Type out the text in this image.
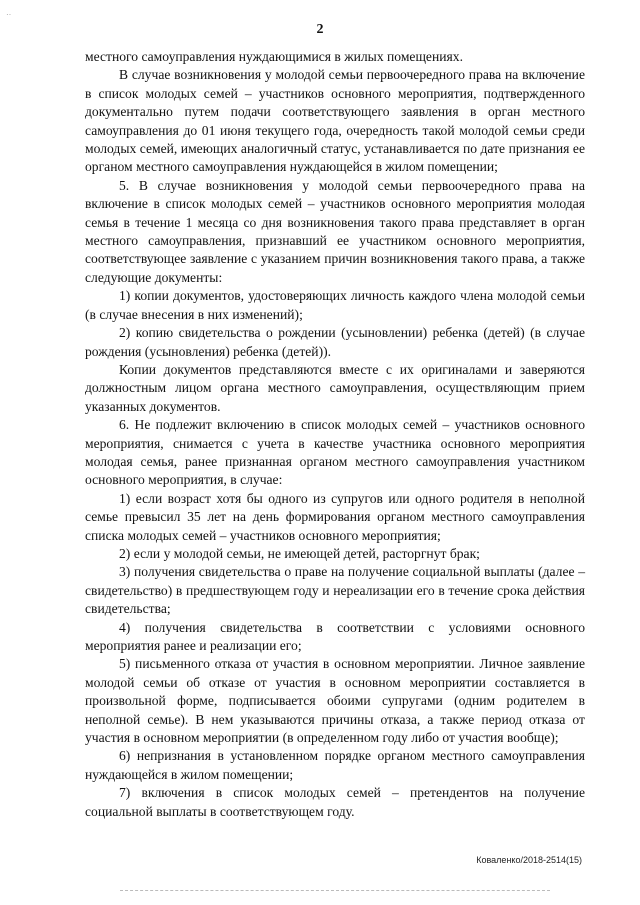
··
2

местного самоуправления нуждающимися в жилых помещениях.

В случае возникновения у молодой семьи первоочередного права на включение в список молодых семей – участников основного мероприятия, подтвержденного документально путем подачи соответствующего заявления в орган местного самоуправления до 01 июня текущего года, очередность такой молодой семьи среди молодых семей, имеющих аналогичный статус, устанавливается по дате признания ее органом местного самоуправления нуждающейся в жилом помещении;

5. В случае возникновения у молодой семьи первоочередного права на включение в список молодых семей – участников основного мероприятия молодая семья в течение 1 месяца со дня возникновения такого права представляет в орган местного самоуправления, признавший ее участником основного мероприятия, соответствующее заявление с указанием причин возникновения такого права, а также следующие документы:

1) копии документов, удостоверяющих личность каждого члена молодой семьи (в случае внесения в них изменений);

2) копию свидетельства о рождении (усыновлении) ребенка (детей) (в случае рождения (усыновления) ребенка (детей)).

Копии документов представляются вместе с их оригиналами и заверяются должностным лицом органа местного самоуправления, осуществляющим прием указанных документов.

6. Не подлежит включению в список молодых семей – участников основного мероприятия, снимается с учета в качестве участника основного мероприятия молодая семья, ранее признанная органом местного самоуправления участником основного мероприятия, в случае:

1) если возраст хотя бы одного из супругов или одного родителя в неполной семье превысил 35 лет на день формирования органом местного самоуправления списка молодых семей – участников основного мероприятия;

2) если у молодой семьи, не имеющей детей, расторгнут брак;

3) получения свидетельства о праве на получение социальной выплаты (далее – свидетельство) в предшествующем году и нереализации его в течение срока действия свидетельства;

4) получения свидетельства в соответствии с условиями основного мероприятия ранее и реализации его;

5) письменного отказа от участия в основном мероприятии. Личное заявление молодой семьи об отказе от участия в основном мероприятии составляется в произвольной форме, подписывается обоими супругами (одним родителем в неполной семье). В нем указываются причины отказа, а также период отказа от участия в основном мероприятии (в определенном году либо от участия вообще);

6) непризнания в установленном порядке органом местного самоуправления нуждающейся в жилом помещении;

7) включения в список молодых семей – претендентов на получение социальной выплаты в соответствующем году.

Коваленко/2018-2514(15)
